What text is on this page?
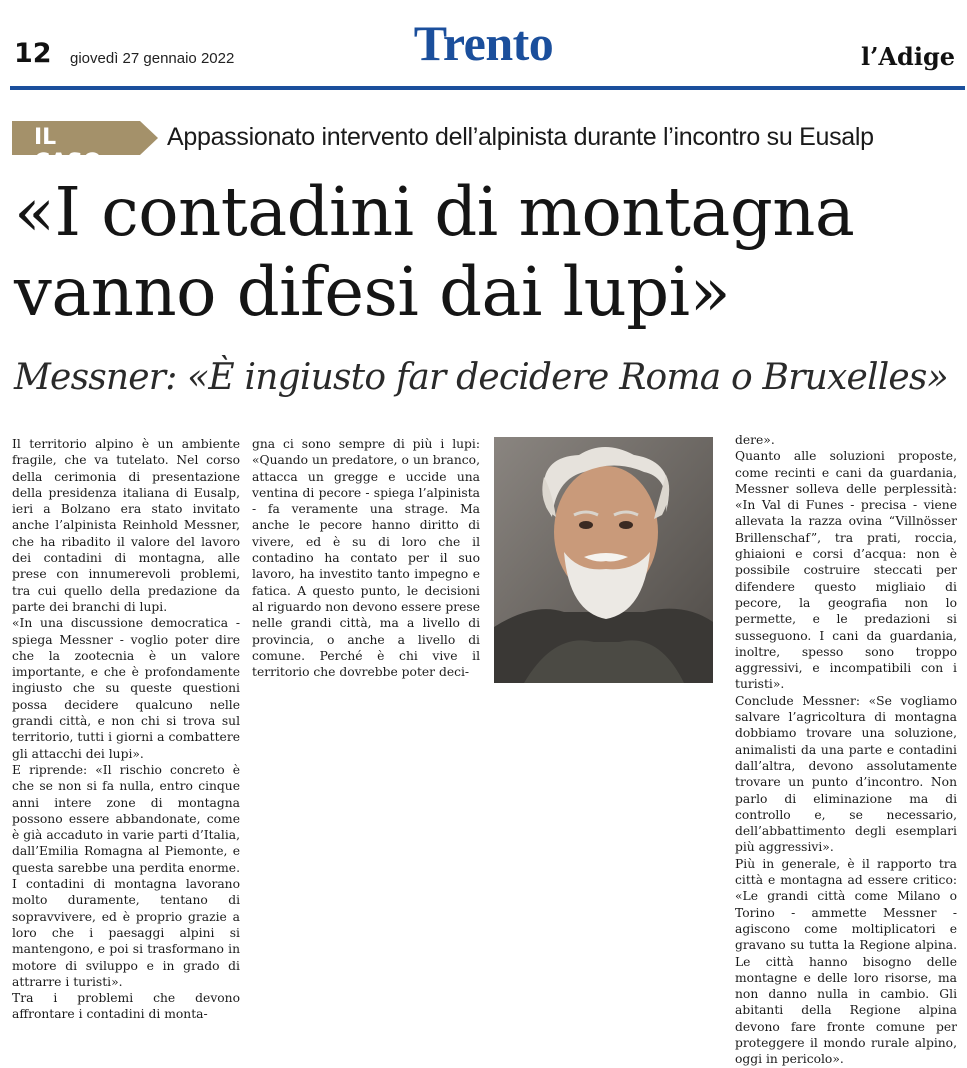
12 giovedì 27 gennaio 2022	Trento	l’Adige
IL CASO
Appassionato intervento dell’alpinista durante l’incontro su Eusalp
«I contadini di montagna
vanno difesi dai lupi»
Messner: «È ingiusto far decidere Roma o Bruxelles»

Il territorio alpino è un ambiente fragile, che va tutelato. Nel corso della cerimonia di presentazione della presidenza italiana di Eusalp, ieri a Bolzano era stato invitato anche l’alpinista Reinhold Messner, che ha ribadito il valore del lavoro dei contadini di montagna, alle prese con innumerevoli problemi, tra cui quello della predazione da parte dei branchi di lupi.

«In una discussione democratica - spiega Messner - voglio poter dire che la zootecnia è un valore importante, e che è profondamente ingiusto che su queste questioni possa decidere qualcuno nelle grandi città, e non chi si trova sul territorio, tutti i giorni a combattere gli attacchi dei lupi».

E riprende: «Il rischio concreto è che se non si fa nulla, entro cinque anni intere zone di montagna possono essere abbandonate, come è già accaduto in varie parti d’Italia, dall’Emilia Romagna al Piemonte, e questa sarebbe una perdita enorme. I contadini di montagna lavorano molto duramente, tentano di sopravvivere, ed è proprio grazie a loro che i paesaggi alpini si mantengono, e poi si trasformano in motore di sviluppo e in grado di attrarre i turisti».

Tra i problemi che devono affrontare i contadini di monta-

gna ci sono sempre di più i lupi: «Quando un predatore, o un branco, attacca un gregge e uccide una ventina di pecore - spiega l’alpinista - fa veramente una strage. Ma anche le pecore hanno diritto di vivere, ed è su di loro che il contadino ha contato per il suo lavoro, ha investito tanto impegno e fatica. A questo punto, le decisioni al riguardo non devono essere prese nelle grandi città, ma a livello di provincia, o anche a livello di comune. Perché è chi vive il territorio che dovrebbe poter deci-

dere».

Quanto alle soluzioni proposte, come recinti e cani da guardania, Messner solleva delle perplessità: «In Val di Funes - precisa - viene allevata la razza ovina “Villnösser Brillenschaf”, tra prati, roccia, ghiaioni e corsi d’acqua: non è possibile costruire steccati per difendere questo migliaio di pecore, la geografia non lo permette, e le predazioni si susseguono. I cani da guardania, inoltre, spesso sono troppo aggressivi, e incompatibili con i turisti».

Conclude Messner: «Se vogliamo salvare l’agricoltura di montagna dobbiamo trovare una soluzione, animalisti da una parte e contadini dall’altra, devono assolutamente trovare un punto d’incontro. Non parlo di eliminazione ma di controllo e, se necessario, dell’abbattimento degli esemplari più aggressivi».

Più in generale, è il rapporto tra città e montagna ad essere critico: «Le grandi città come Milano o Torino - ammette Messner - agiscono come moltiplicatori e gravano su tutta la Regione alpina. Le città hanno bisogno delle montagne e delle loro risorse, ma non danno nulla in cambio. Gli abitanti della Regione alpina devono fare fronte comune per proteggere il mondo rurale alpino, oggi in pericolo».
